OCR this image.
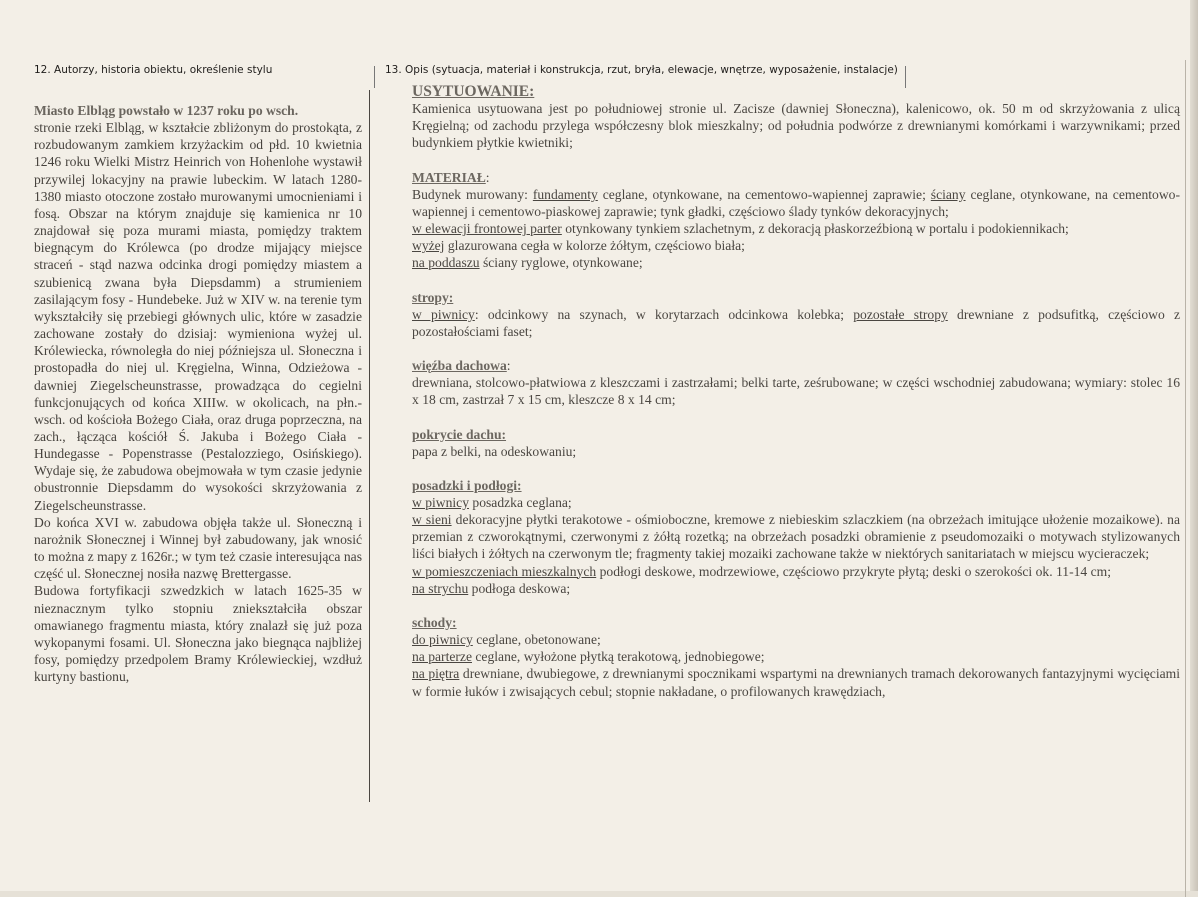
12. Autorzy, historia obiektu, określenie stylu	13. Opis (sytuacja, materiał i konstrukcja, rzut, bryła, elewacje, wnętrze, wyposażenie, instalacje)

Miasto Elbląg powstało w 1237 roku po wsch.

stronie rzeki Elbląg, w kształcie zbliżonym do prostokąta, z rozbudowanym zamkiem krzyżackim od płd. 10 kwietnia 1246 roku Wielki Mistrz Heinrich von Hohenlohe wystawił przywilej lokacyjny na prawie lubeckim. W latach 1280-1380 miasto otoczone zostało murowanymi umocnieniami i fosą. Obszar na którym znajduje się kamienica nr 10 znajdował się poza murami miasta, pomiędzy traktem biegnącym do Królewca (po drodze mijający miejsce straceń - stąd nazwa odcinka drogi pomiędzy miastem a szubienicą zwana była Diepsdamm) a strumieniem zasilającym fosy - Hundebeke. Już w XIV w. na terenie tym wykształciły się przebiegi głównych ulic, które w zasadzie zachowane zostały do dzisiaj: wymieniona wyżej ul. Królewiecka, równoległa do niej późniejsza ul. Słoneczna i prostopadła do niej ul. Kręgielna, Winna, Odzieżowa - dawniej Ziegelscheunstrasse, prowadząca do cegielni funkcjonujących od końca XIIIw. w okolicach, na płn.-wsch. od kościoła Bożego Ciała, oraz druga poprzeczna, na zach., łącząca kościół Ś. Jakuba i Bożego Ciała -Hundegasse - Popenstrasse (Pestalozziego, Osińskiego). Wydaje się, że zabudowa obejmowała w tym czasie jedynie obustronnie Diepsdamm do wysokości skrzyżowania z Ziegelscheunstrasse.

Do końca XVI w. zabudowa objęła także ul. Słoneczną i narożnik Słonecznej i Winnej był zabudowany, jak wnosić to można z mapy z 1626r.; w tym też czasie interesująca nas część ul. Słonecznej nosiła nazwę Brettergasse.

Budowa fortyfikacji szwedzkich w latach 1625-35 w nieznacznym tylko stopniu zniekształciła obszar omawianego fragmentu miasta, który znalazł się już poza wykopanymi fosami. Ul. Słoneczna jako biegnąca najbliżej fosy, pomiędzy przedpolem Bramy Królewieckiej, wzdłuż kurtyny bastionu,

USYTUOWANIE:

Kamienica usytuowana jest po południowej stronie ul. Zacisze (dawniej Słoneczna), kalenicowo, ok. 50 m od skrzyżowania z ulicą Kręgielną; od zachodu przylega współczesny blok mieszkalny; od południa podwórze z drewnianymi komórkami i warzywnikami; przed budynkiem płytkie kwietniki;

MATERIAŁ:

Budynek murowany: fundamenty ceglane, otynkowane, na cementowo-wapiennej zaprawie; ściany ceglane, otynkowane, na cementowo-wapiennej i cementowo-piaskowej zaprawie; tynk gładki, częściowo ślady tynków dekoracyjnych;

w elewacji frontowej parter otynkowany tynkiem szlachetnym, z dekoracją płaskorzeźbioną w portalu i podokiennikach;

wyżej glazurowana cegła w kolorze żółtym, częściowo biała;

na poddaszu ściany ryglowe, otynkowane;

stropy:

w piwnicy: odcinkowy na szynach, w korytarzach odcinkowa kolebka; pozostałe stropy drewniane z podsufitką, częściowo z pozostałościami faset;

więźba dachowa:

drewniana, stolcowo-płatwiowa z kleszczami i zastrzałami; belki tarte, ześrubowane; w części wschodniej zabudowana; wymiary: stolec 16 x 18 cm, zastrzał 7 x 15 cm, kleszcze 8 x 14 cm;

pokrycie dachu:

papa z belki, na odeskowaniu;

posadzki i podłogi:

w piwnicy posadzka ceglana;

w sieni dekoracyjne płytki terakotowe - ośmioboczne, kremowe z niebieskim szlaczkiem (na obrzeżach imitujące ułożenie mozaikowe). na przemian z czworokątnymi, czerwonymi z żółtą rozetką; na obrzeżach posadzki obramienie z pseudomozaiki o motywach stylizowanych liści białych i żółtych na czerwonym tle; fragmenty takiej mozaiki zachowane także w niektórych sanitariatach w miejscu wycieraczek;

w pomieszczeniach mieszkalnych podłogi deskowe, modrzewiowe, częściowo przykryte płytą; deski o szerokości ok. 11-14 cm;

na strychu podłoga deskowa;

schody:

do piwnicy ceglane, obetonowane;

na parterze ceglane, wyłożone płytką terakotową, jednobiegowe;

na piętra drewniane, dwubiegowe, z drewnianymi spocznikami wspartymi na drewnianych tramach dekorowanych fantazyjnymi wycięciami w formie łuków i zwisających cebul; stopnie nakładane, o profilowanych krawędziach,
